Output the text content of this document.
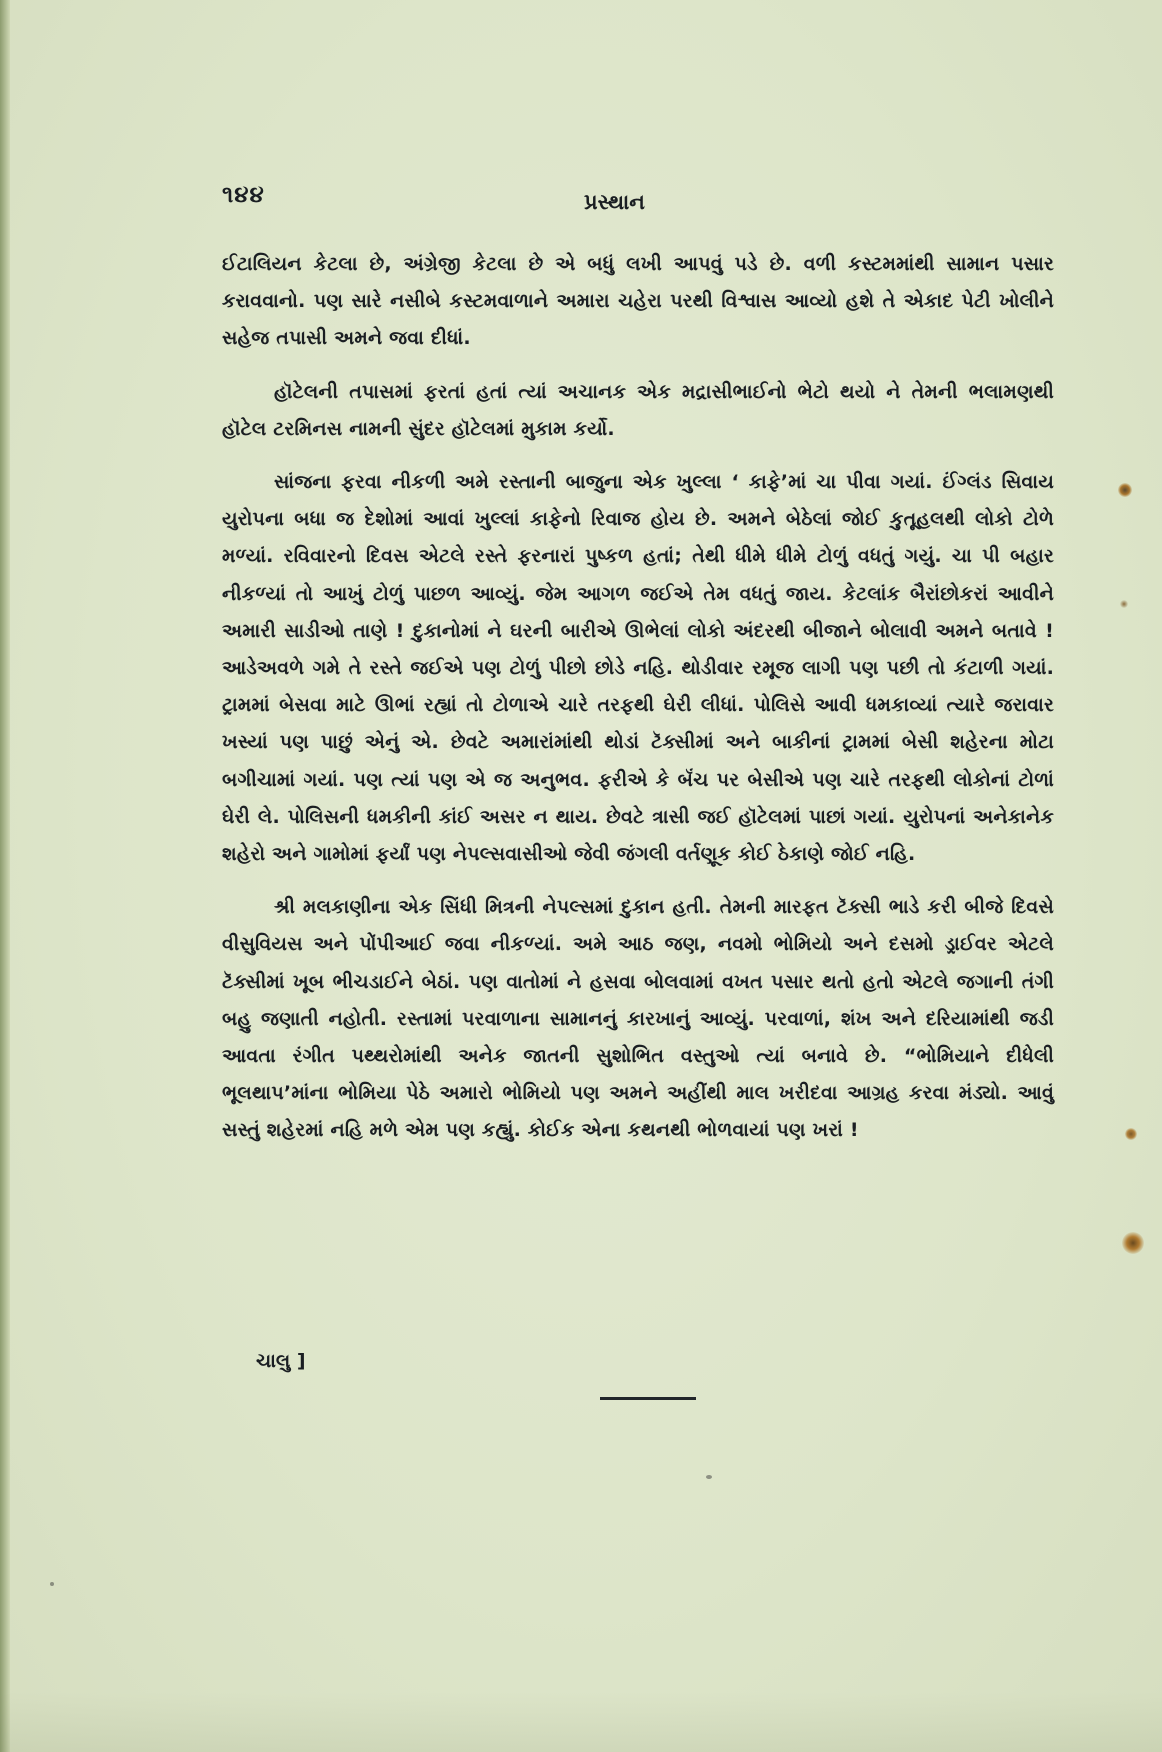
૧૪૪	પ્રસ્થાન

ઈટાલિયન કેટલા છે, અંગ્રેજી કેટલા છે એ બધું લખી આપવું પડે છે. વળી કસ્ટમમાંથી સામાન પસાર કરાવવાનો. પણ સારે નસીબે કસ્ટમવાળાને અમારા ચહેરા પરથી વિશ્વાસ આવ્યો હશે તે એકાદ પેટી ખોલીને સહેજ તપાસી અમને જવા દીધાં.

હૉટેલની તપાસમાં ફરતાં હતાં ત્યાં અચાનક એક મદ્રાસીભાઈનો ભેટો થયો ને તેમની ભલામણથી હૉટેલ ટરમિનસ નામની સુંદર હૉટેલમાં મુકામ કર્યો.

સાંજના ફરવા નીકળી અમે રસ્તાની બાજુના એક ખુલ્લા ‘ કાફે’માં ચા પીવા ગયાં. ઈંગ્લંડ સિવાય યુરોપના બધા જ દેશોમાં આવાં ખુલ્લાં કાફેનો રિવાજ હોય છે. અમને બેઠેલાં જોઈ કુતૂહલથી લોકો ટોળે મળ્યાં. રવિવારનો દિવસ એટલે રસ્તે ફરનારાં પુષ્કળ હતાં; તેથી ધીમે ધીમે ટોળું વધતું ગયું. ચા પી બહાર નીકળ્યાં તો આખું ટોળું પાછળ આવ્યું. જેમ આગળ જઈએ તેમ વધતું જાય. કેટલાંક બૈરાંછોકરાં આવીને અમારી સાડીઓ તાણે ! દુકાનોમાં ને ઘરની બારીએ ઊભેલાં લોકો અંદરથી બીજાને બોલાવી અમને બતાવે ! આડેઅવળે ગમે તે રસ્તે જઈએ પણ ટોળું પીછો છોડે નહિ. થોડીવાર રમૂજ લાગી પણ પછી તો કંટાળી ગયાં. ટ્રામમાં બેસવા માટે ઊભાં રહ્યાં તો ટોળાએ ચારે તરફથી ઘેરી લીધાં. પોલિસે આવી ધમકાવ્યાં ત્યારે જરાવાર ખસ્યાં પણ પાછું એનું એ. છેવટે અમારાંમાંથી થોડાં ટૅક્સીમાં અને બાકીનાં ટ્રામમાં બેસી શહેરના મોટા બગીચામાં ગયાં. પણ ત્યાં પણ એ જ અનુભવ. ફરીએ કે બૅંચ પર બેસીએ પણ ચારે તરફથી લોકોનાં ટોળાં ઘેરી લે. પોલિસની ધમકીની કાંઈ અસર ન થાય. છેવટે ત્રાસી જઈ હૉટેલમાં પાછાં ગયાં. યુરોપનાં અનેકાનેક શહેરો અને ગામોમાં ફર્યાં પણ નેપલ્સવાસીઓ જેવી જંગલી વર્તણૂક કોઈ ઠેકાણે જોઈ નહિ.

શ્રી મલકાણીના એક સિંધી મિત્રની નેપલ્સમાં દુકાન હતી. તેમની મારફત ટૅક્સી ભાડે કરી બીજે દિવસે વીસુવિયસ અને પોંપીઆઈ જવા નીકળ્યાં. અમે આઠ જણ, નવમો ભોમિયો અને દસમો ડ્રાઈવર એટલે ટૅક્સીમાં ખૂબ ભીચડાઈને બેઠાં. પણ વાતોમાં ને હસવા બોલવામાં વખત પસાર થતો હતો એટલે જગાની તંગી બહુ જણાતી નહોતી. રસ્તામાં પરવાળાના સામાનનું કારખાનું આવ્યું. પરવાળાં, શંખ અને દરિયામાંથી જડી આવતા રંગીત પથ્થરોમાંથી અનેક જાતની સુશોભિત વસ્તુઓ ત્યાં બનાવે છે. “ભોમિયાને દીધેલી ભૂલથાપ’માંના ભોમિયા પેઠે અમારો ભોમિયો પણ અમને અહીંથી માલ ખરીદવા આગ્રહ કરવા મંડ્યો. આવું સસ્તું શહેરમાં નહિ મળે એમ પણ કહ્યું. કોઈક એના કથનથી ભોળવાયાં પણ ખરાં !

ચાલુ ]
